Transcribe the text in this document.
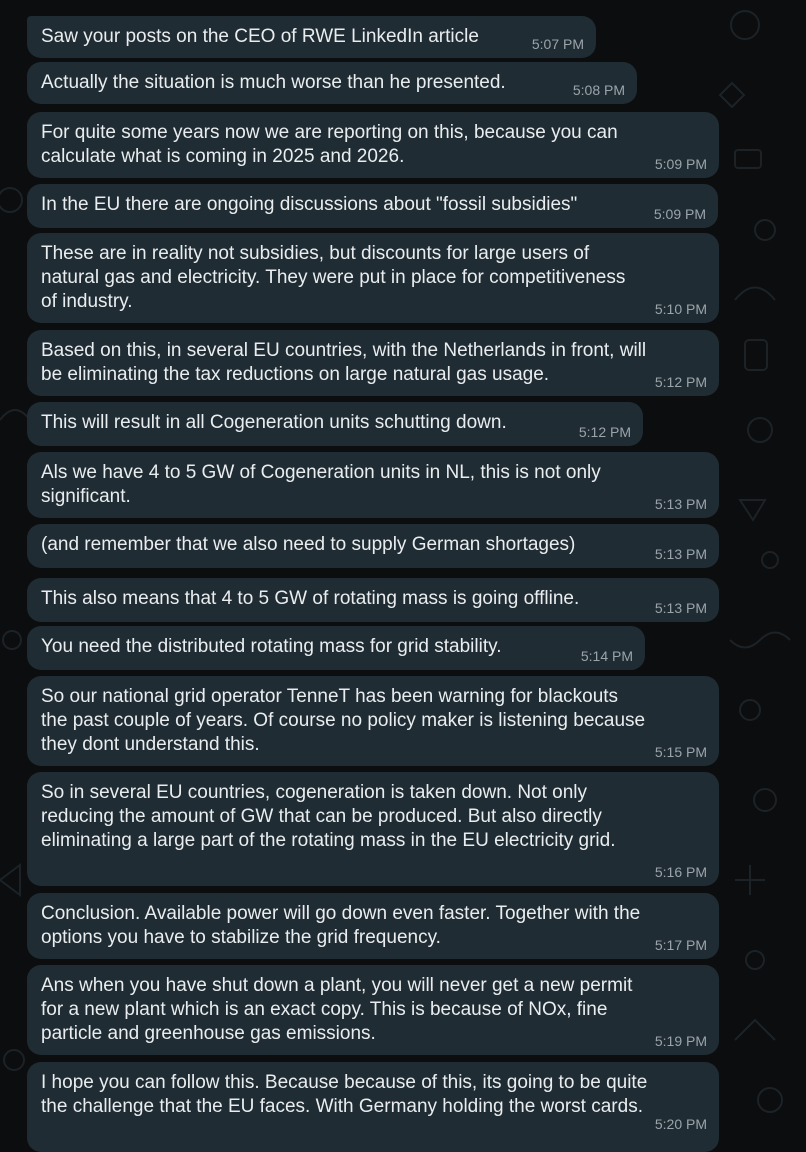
Saw your posts on the CEO of RWE LinkedIn article	5:07 PM

Actually the situation is much worse than he presented.	5:08 PM

For quite some years now we are reporting on this, because you can
calculate what is coming in 2025 and 2026.	5:09 PM

In the EU there are ongoing discussions about "fossil subsidies"	5:09 PM

These are in reality not subsidies, but discounts for large users of
natural gas and electricity. They were put in place for competitiveness
of industry.	5:10 PM

Based on this, in several EU countries, with the Netherlands in front, will
be eliminating the tax reductions on large natural gas usage.	5:12 PM

This will result in all Cogeneration units schutting down.	5:12 PM

Als we have 4 to 5 GW of Cogeneration units in NL, this is not only
significant.	5:13 PM

(and remember that we also need to supply German shortages)	5:13 PM

This also means that 4 to 5 GW of rotating mass is going offline.	5:13 PM

You need the distributed rotating mass for grid stability.	5:14 PM

So our national grid operator TenneT has been warning for blackouts
the past couple of years. Of course no policy maker is listening because
they dont understand this.	5:15 PM

So in several EU countries, cogeneration is taken down. Not only
reducing the amount of GW that can be produced. But also directly
eliminating a large part of the rotating mass in the EU electricity grid.

5:16 PM

Conclusion. Available power will go down even faster. Together with the
options you have to stabilize the grid frequency.	5:17 PM

Ans when you have shut down a plant, you will never get a new permit
for a new plant which is an exact copy. This is because of NOx, fine
particle and greenhouse gas emissions.	5:19 PM

I hope you can follow this. Because because of this, its going to be quite
the challenge that the EU faces. With Germany holding the worst cards.

5:20 PM
